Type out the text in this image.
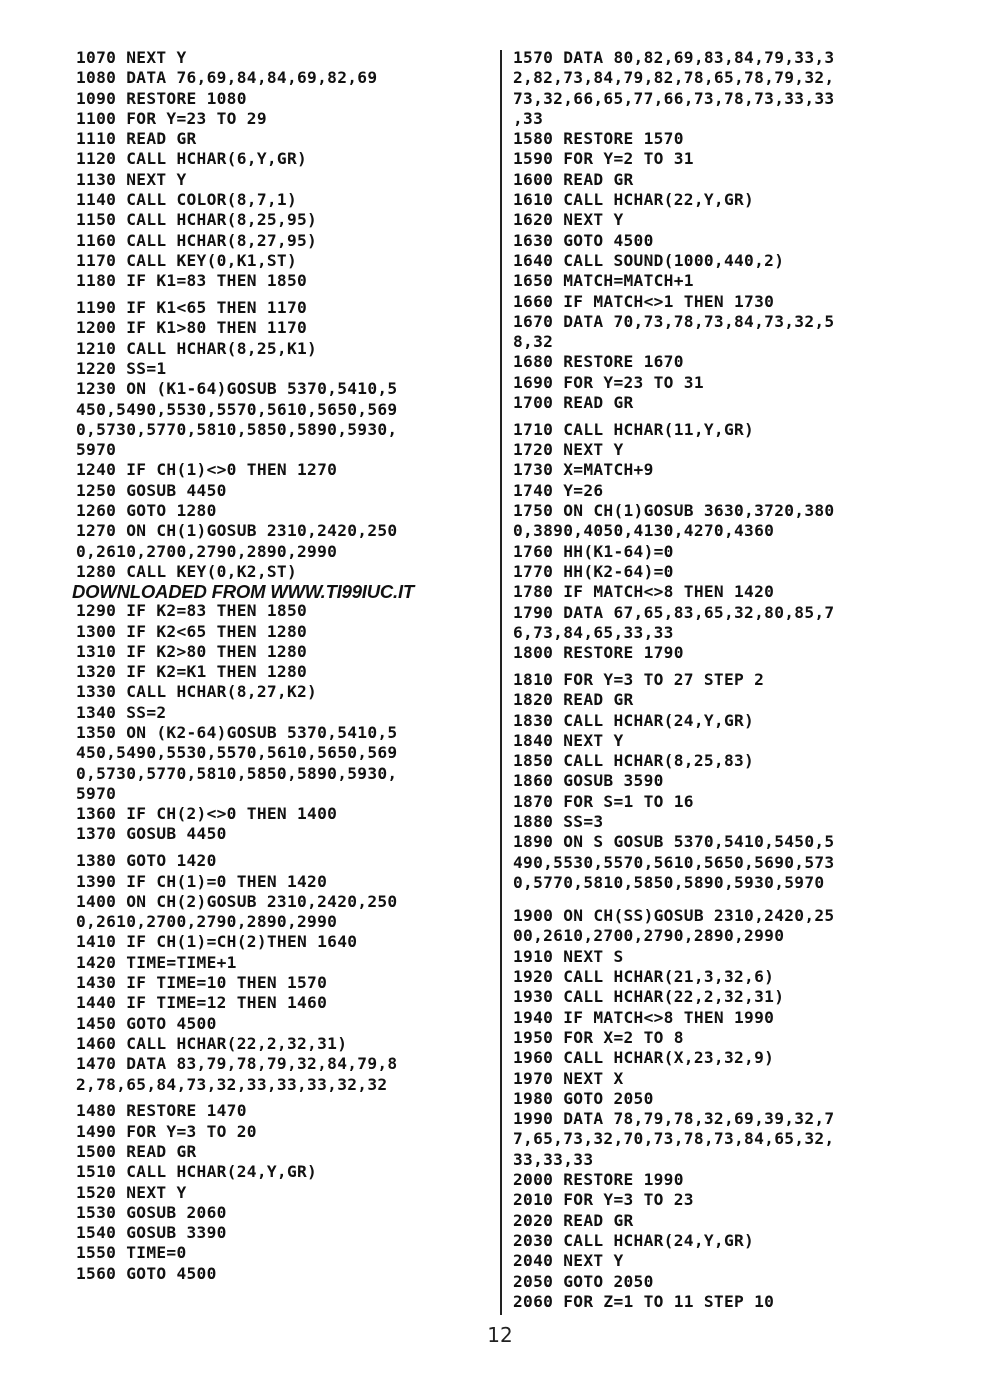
1070 NEXT Y
1080 DATA 76,69,84,84,69,82,69
1090 RESTORE 1080
1100 FOR Y=23 TO 29
1110 READ GR
1120 CALL HCHAR(6,Y,GR)
1130 NEXT Y
1140 CALL COLOR(8,7,1)
1150 CALL HCHAR(8,25,95)
1160 CALL HCHAR(8,27,95)
1170 CALL KEY(0,K1,ST)
1180 IF K1=83 THEN 1850
1190 IF K1<65 THEN 1170
1200 IF K1>80 THEN 1170
1210 CALL HCHAR(8,25,K1)
1220 SS=1
1230 ON (K1-64)GOSUB 5370,5410,5
450,5490,5530,5570,5610,5650,569
0,5730,5770,5810,5850,5890,5930,
5970
1240 IF CH(1)<>0 THEN 1270
1250 GOSUB 4450
1260 GOTO 1280
1270 ON CH(1)GOSUB 2310,2420,250
0,2610,2700,2790,2890,2990
1280 CALL KEY(0,K2,ST)
DOWNLOADED FROM WWW.TI99IUC.IT
1290 IF K2=83 THEN 1850
1300 IF K2<65 THEN 1280
1310 IF K2>80 THEN 1280
1320 IF K2=K1 THEN 1280
1330 CALL HCHAR(8,27,K2)
1340 SS=2
1350 ON (K2-64)GOSUB 5370,5410,5
450,5490,5530,5570,5610,5650,569
0,5730,5770,5810,5850,5890,5930,
5970
1360 IF CH(2)<>0 THEN 1400
1370 GOSUB 4450
1380 GOTO 1420
1390 IF CH(1)=0 THEN 1420
1400 ON CH(2)GOSUB 2310,2420,250
0,2610,2700,2790,2890,2990
1410 IF CH(1)=CH(2)THEN 1640
1420 TIME=TIME+1
1430 IF TIME=10 THEN 1570
1440 IF TIME=12 THEN 1460
1450 GOTO 4500
1460 CALL HCHAR(22,2,32,31)
1470 DATA 83,79,78,79,32,84,79,8
2,78,65,84,73,32,33,33,33,32,32
1480 RESTORE 1470
1490 FOR Y=3 TO 20
1500 READ GR
1510 CALL HCHAR(24,Y,GR)
1520 NEXT Y
1530 GOSUB 2060
1540 GOSUB 3390
1550 TIME=0
1560 GOTO 4500
1570 DATA 80,82,69,83,84,79,33,3
2,82,73,84,79,82,78,65,78,79,32,
73,32,66,65,77,66,73,78,73,33,33
,33
1580 RESTORE 1570
1590 FOR Y=2 TO 31
1600 READ GR
1610 CALL HCHAR(22,Y,GR)
1620 NEXT Y
1630 GOTO 4500
1640 CALL SOUND(1000,440,2)
1650 MATCH=MATCH+1
1660 IF MATCH<>1 THEN 1730
1670 DATA 70,73,78,73,84,73,32,5
8,32
1680 RESTORE 1670
1690 FOR Y=23 TO 31
1700 READ GR
1710 CALL HCHAR(11,Y,GR)
1720 NEXT Y
1730 X=MATCH+9
1740 Y=26
1750 ON CH(1)GOSUB 3630,3720,380
0,3890,4050,4130,4270,4360
1760 HH(K1-64)=0
1770 HH(K2-64)=0
1780 IF MATCH<>8 THEN 1420
1790 DATA 67,65,83,65,32,80,85,7
6,73,84,65,33,33
1800 RESTORE 1790
1810 FOR Y=3 TO 27 STEP 2
1820 READ GR
1830 CALL HCHAR(24,Y,GR)
1840 NEXT Y
1850 CALL HCHAR(8,25,83)
1860 GOSUB 3590
1870 FOR S=1 TO 16
1880 SS=3
1890 ON S GOSUB 5370,5410,5450,5
490,5530,5570,5610,5650,5690,573
0,5770,5810,5850,5890,5930,5970
1900 ON CH(SS)GOSUB 2310,2420,25
00,2610,2700,2790,2890,2990
1910 NEXT S
1920 CALL HCHAR(21,3,32,6)
1930 CALL HCHAR(22,2,32,31)
1940 IF MATCH<>8 THEN 1990
1950 FOR X=2 TO 8
1960 CALL HCHAR(X,23,32,9)
1970 NEXT X
1980 GOTO 2050
1990 DATA 78,79,78,32,69,39,32,7
7,65,73,32,70,73,78,73,84,65,32,
33,33,33
2000 RESTORE 1990
2010 FOR Y=3 TO 23
2020 READ GR
2030 CALL HCHAR(24,Y,GR)
2040 NEXT Y
2050 GOTO 2050
2060 FOR Z=1 TO 11 STEP 10
12
